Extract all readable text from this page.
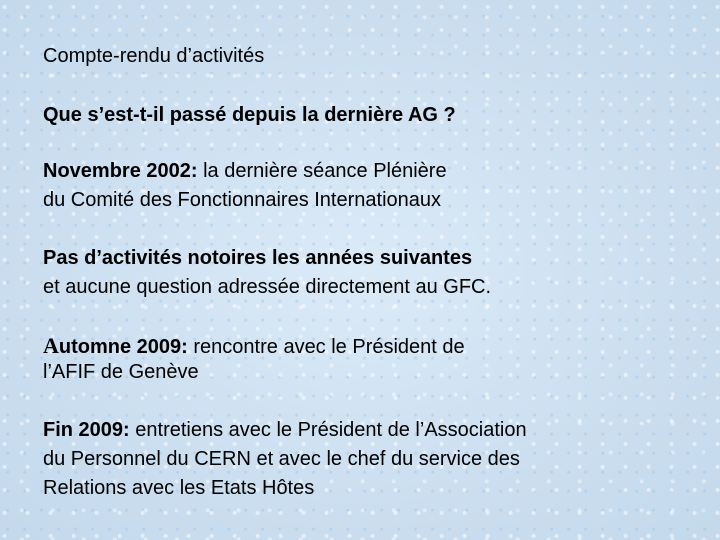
Compte-rendu d’activités
Que s’est-t-il passé depuis la dernière AG ?
Novembre 2002: la dernière séance Plénière
du Comité des Fonctionnaires Internationaux
Pas d’activités notoires les années suivantes
et aucune question adressée directement au GFC.
Automne 2009: rencontre avec le Président de
l’AFIF de Genève
Fin 2009: entretiens avec le Président de l’Association
du Personnel du CERN et avec le chef du service des
Relations avec les Etats Hôtes
